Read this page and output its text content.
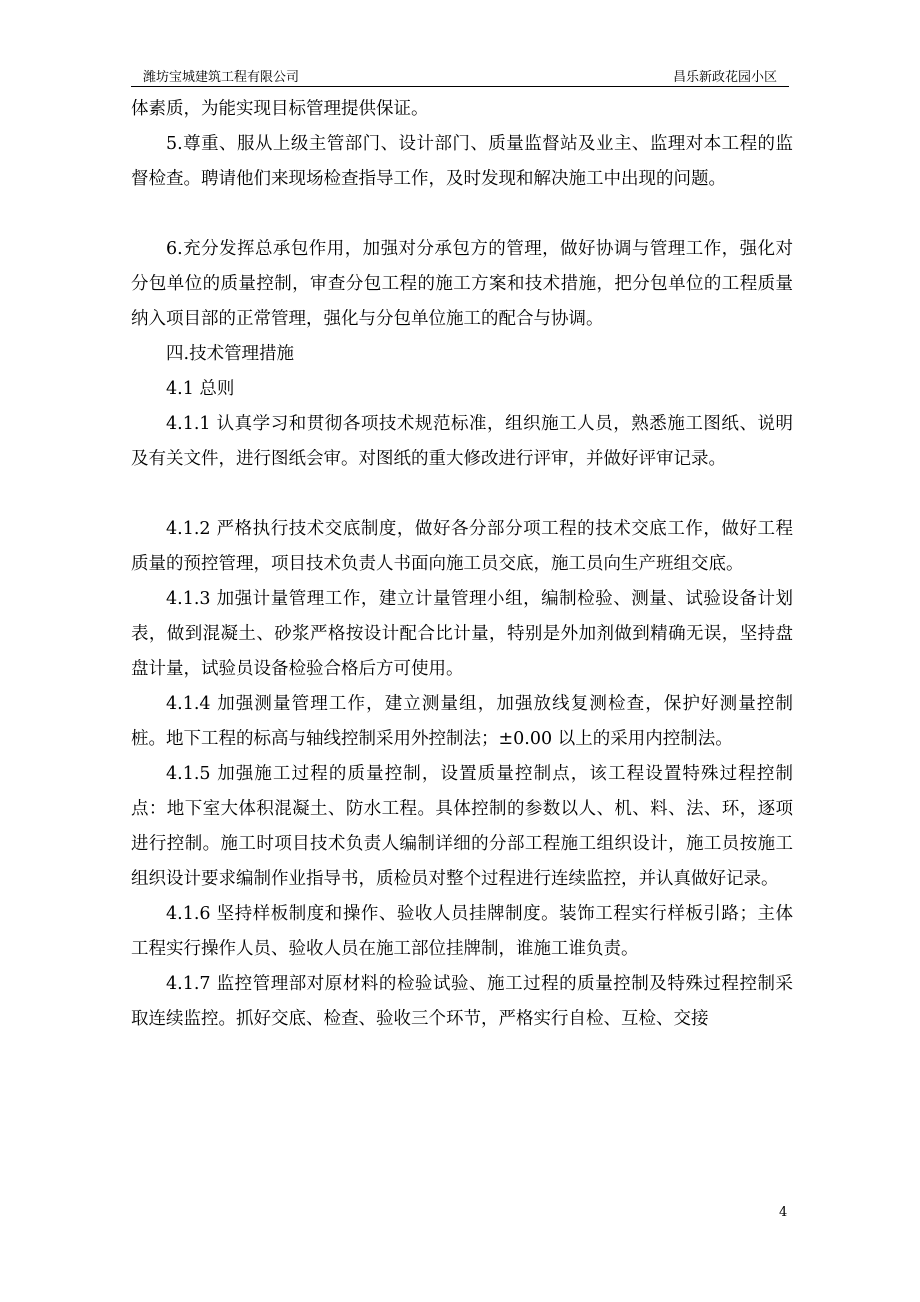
潍坊宝城建筑工程有限公司	昌乐新政花园小区

体素质，为能实现目标管理提供保证。

5.尊重、服从上级主管部门、设计部门、质量监督站及业主、监理对本工程的监督检查。聘请他们来现场检查指导工作，及时发现和解决施工中出现的问题。

6.充分发挥总承包作用，加强对分承包方的管理，做好协调与管理工作，强化对分包单位的质量控制，审查分包工程的施工方案和技术措施，把分包单位的工程质量纳入项目部的正常管理，强化与分包单位施工的配合与协调。

四.技术管理措施

4.1 总则

4.1.1 认真学习和贯彻各项技术规范标准，组织施工人员，熟悉施工图纸、说明及有关文件，进行图纸会审。对图纸的重大修改进行评审，并做好评审记录。

4.1.2 严格执行技术交底制度，做好各分部分项工程的技术交底工作，做好工程质量的预控管理，项目技术负责人书面向施工员交底，施工员向生产班组交底。

4.1.3 加强计量管理工作，建立计量管理小组，编制检验、测量、试验设备计划表，做到混凝土、砂浆严格按设计配合比计量，特别是外加剂做到精确无误，坚持盘盘计量，试验员设备检验合格后方可使用。

4.1.4 加强测量管理工作，建立测量组，加强放线复测检查，保护好测量控制桩。地下工程的标高与轴线控制采用外控制法；±0.00 以上的采用内控制法。

4.1.5 加强施工过程的质量控制，设置质量控制点，该工程设置特殊过程控制点：地下室大体积混凝土、防水工程。具体控制的参数以人、机、料、法、环，逐项进行控制。施工时项目技术负责人编制详细的分部工程施工组织设计，施工员按施工组织设计要求编制作业指导书，质检员对整个过程进行连续监控，并认真做好记录。

4.1.6 坚持样板制度和操作、验收人员挂牌制度。装饰工程实行样板引路；主体工程实行操作人员、验收人员在施工部位挂牌制，谁施工谁负责。

4.1.7 监控管理部对原材料的检验试验、施工过程的质量控制及特殊过程控制采取连续监控。抓好交底、检查、验收三个环节，严格实行自检、互检、交接

4
